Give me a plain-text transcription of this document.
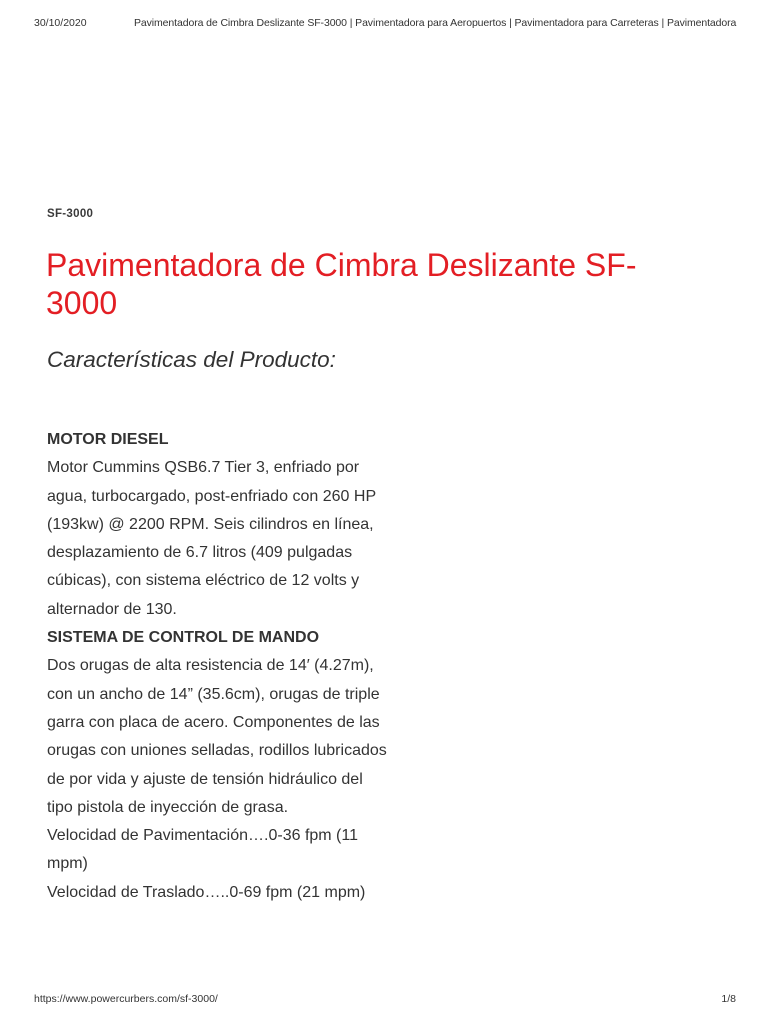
30/10/2020	Pavimentadora de Cimbra Deslizante SF-3000 | Pavimentadora para Aeropuertos | Pavimentadora para Carreteras | Pavimentadora
SF-3000
Pavimentadora de Cimbra Deslizante SF-3000
Características del Producto:
MOTOR DIESEL
Motor Cummins QSB6.7 Tier 3, enfriado por agua, turbocargado, post-enfriado con 260 HP (193kw) @ 2200 RPM. Seis cilindros en línea, desplazamiento de 6.7 litros (409 pulgadas cúbicas), con sistema eléctrico de 12 volts y alternador de 130.
SISTEMA DE CONTROL DE MANDO
Dos orugas de alta resistencia de 14′ (4.27m), con un ancho de 14” (35.6cm), orugas de triple garra con placa de acero. Componentes de las orugas con uniones selladas, rodillos lubricados de por vida y ajuste de tensión hidráulico del tipo pistola de inyección de grasa.
Velocidad de Pavimentación….0-36 fpm (11 mpm)
Velocidad de Traslado…..0-69 fpm (21 mpm)
https://www.powercurbers.com/sf-3000/	1/8
